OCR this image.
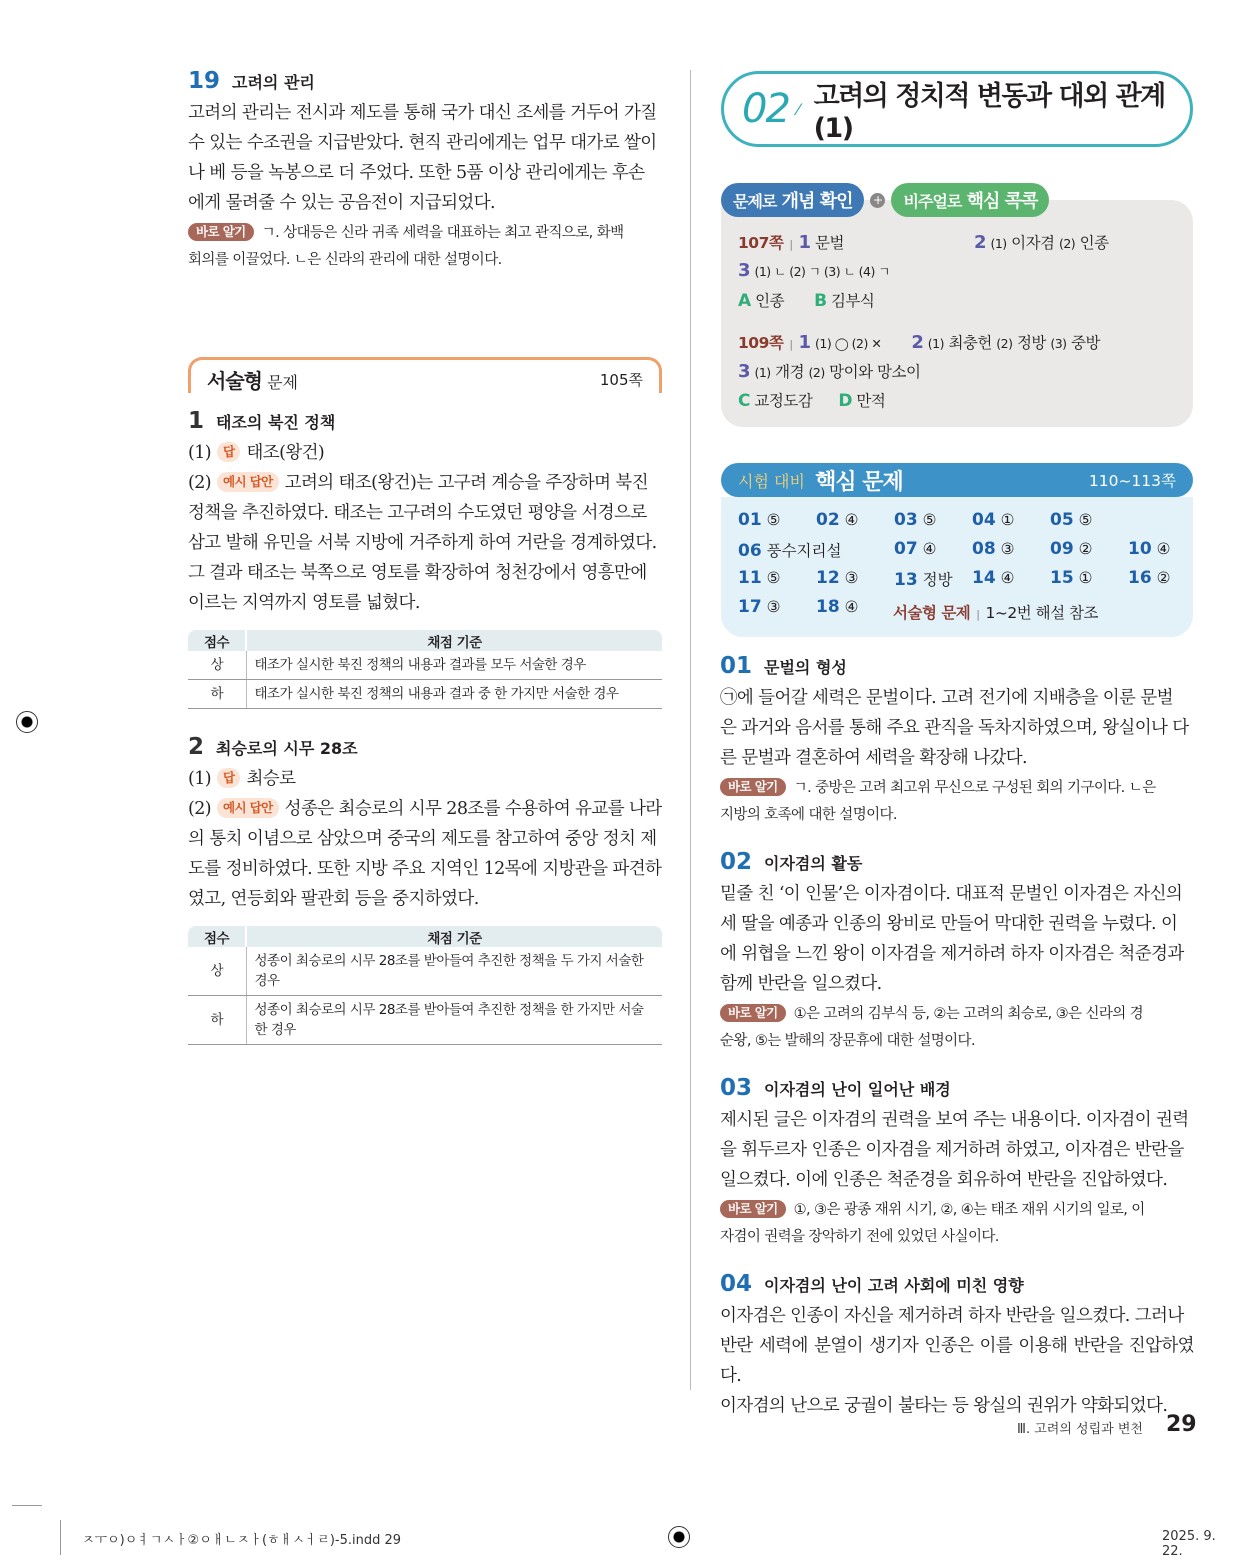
19 고려의 관리
고려의 관리는 전시과 제도를 통해 국가 대신 조세를 거두어 가질
수 있는 수조권을 지급받았다. 현직 관리에게는 업무 대가로 쌀이
나 베 등을 녹봉으로 더 주었다. 또한 5품 이상 관리에게는 후손
에게 물려줄 수 있는 공음전이 지급되었다.
바로 알기 ㄱ. 상대등은 신라 귀족 세력을 대표하는 최고 관직으로, 화백
회의를 이끌었다. ㄴ은 신라의 관리에 대한 설명이다.
서술형 문제	105쪽
1 태조의 북진 정책
(1) 답 태조(왕건)
(2) 예시 답안 고려의 태조(왕건)는 고구려 계승을 주장하며 북진
정책을 추진하였다. 태조는 고구려의 수도였던 평양을 서경으로
삼고 발해 유민을 서북 지방에 거주하게 하여 거란을 경계하였다.
그 결과 태조는 북쪽으로 영토를 확장하여 청천강에서 영흥만에
이르는 지역까지 영토를 넓혔다.
점수	채점 기준
상	태조가 실시한 북진 정책의 내용과 결과를 모두 서술한 경우
하	태조가 실시한 북진 정책의 내용과 결과 중 한 가지만 서술한 경우
2 최승로의 시무 28조
(1) 답 최승로
(2) 예시 답안 성종은 최승로의 시무 28조를 수용하여 유교를 나라
의 통치 이념으로 삼았으며 중국의 제도를 참고하여 중앙 정치 제
도를 정비하였다. 또한 지방 주요 지역인 12목에 지방관을 파견하
였고, 연등회와 팔관회 등을 중지하였다.
점수	채점 기준
상	성종이 최승로의 시무 28조를 받아들여 추진한 정책을 두 가지 서술한 경우
하	성종이 최승로의 시무 28조를 받아들여 추진한 정책을 한 가지만 서술한 경우
02 ⁄ 고려의 정치적 변동과 대외 관계(1)
문제로
개념 확인 + 비주얼로
핵심 콕콕
107쪽 | 1 문벌	2 (1) 이자겸 (2) 인종
3 (1) ㄴ (2) ㄱ (3) ㄴ (4) ㄱ
A 인종 B 김부식
109쪽 | 1 (1) ◯ (2) ✕ 2 (1) 최충헌 (2) 정방 (3) 중방
3 (1) 개경 (2) 망이와 망소이
C 교정도감 D 만적
시험 대비
핵심 문제	110~113쪽
01 ⑤	02 ④	03 ⑤	04 ①	05 ⑤
06 풍수지리설	07 ④	08 ③	09 ②	10 ④
11 ⑤	12 ③	13 정방	14 ④	15 ①	16 ②
17 ③	18 ④	서술형 문제 | 1~2번 해설 참조
01 문벌의 형성
㉠에 들어갈 세력은 문벌이다. 고려 전기에 지배층을 이룬 문벌
은 과거와 음서를 통해 주요 관직을 독차지하였으며, 왕실이나 다
른 문벌과 결혼하여 세력을 확장해 나갔다.
바로 알기 ㄱ. 중방은 고려 최고위 무신으로 구성된 회의 기구이다. ㄴ은
지방의 호족에 대한 설명이다.
02 이자겸의 활동
밑줄 친 ‘이 인물’은 이자겸이다. 대표적 문벌인 이자겸은 자신의
세 딸을 예종과 인종의 왕비로 만들어 막대한 권력을 누렸다. 이
에 위협을 느낀 왕이 이자겸을 제거하려 하자 이자겸은 척준경과
함께 반란을 일으켰다.
바로 알기 ①은 고려의 김부식 등, ②는 고려의 최승로, ③은 신라의 경
순왕, ⑤는 발해의 장문휴에 대한 설명이다.
03 이자겸의 난이 일어난 배경
제시된 글은 이자겸의 권력을 보여 주는 내용이다. 이자겸이 권력
을 휘두르자 인종은 이자겸을 제거하려 하였고, 이자겸은 반란을
일으켰다. 이에 인종은 척준경을 회유하여 반란을 진압하였다.
바로 알기 ①, ③은 광종 재위 시기, ②, ④는 태조 재위 시기의 일로, 이
자겸이 권력을 장악하기 전에 있었던 사실이다.
04 이자겸의 난이 고려 사회에 미친 영향
이자겸은 인종이 자신을 제거하려 하자 반란을 일으켰다. 그러나
반란 세력에 분열이 생기자 인종은 이를 이용해 반란을 진압하였다.
이자겸의 난으로 궁궐이 불타는 등 왕실의 권위가 약화되었다.
Ⅲ. 고려의 성립과 변천 29
ㅈㅜㅇ)ㅇㅕㄱㅅㅏ②ㅇㅐㄴㅈㅏ(ㅎㅐㅅㅓㄹ)-5.indd 29	2025. 9. 22.
